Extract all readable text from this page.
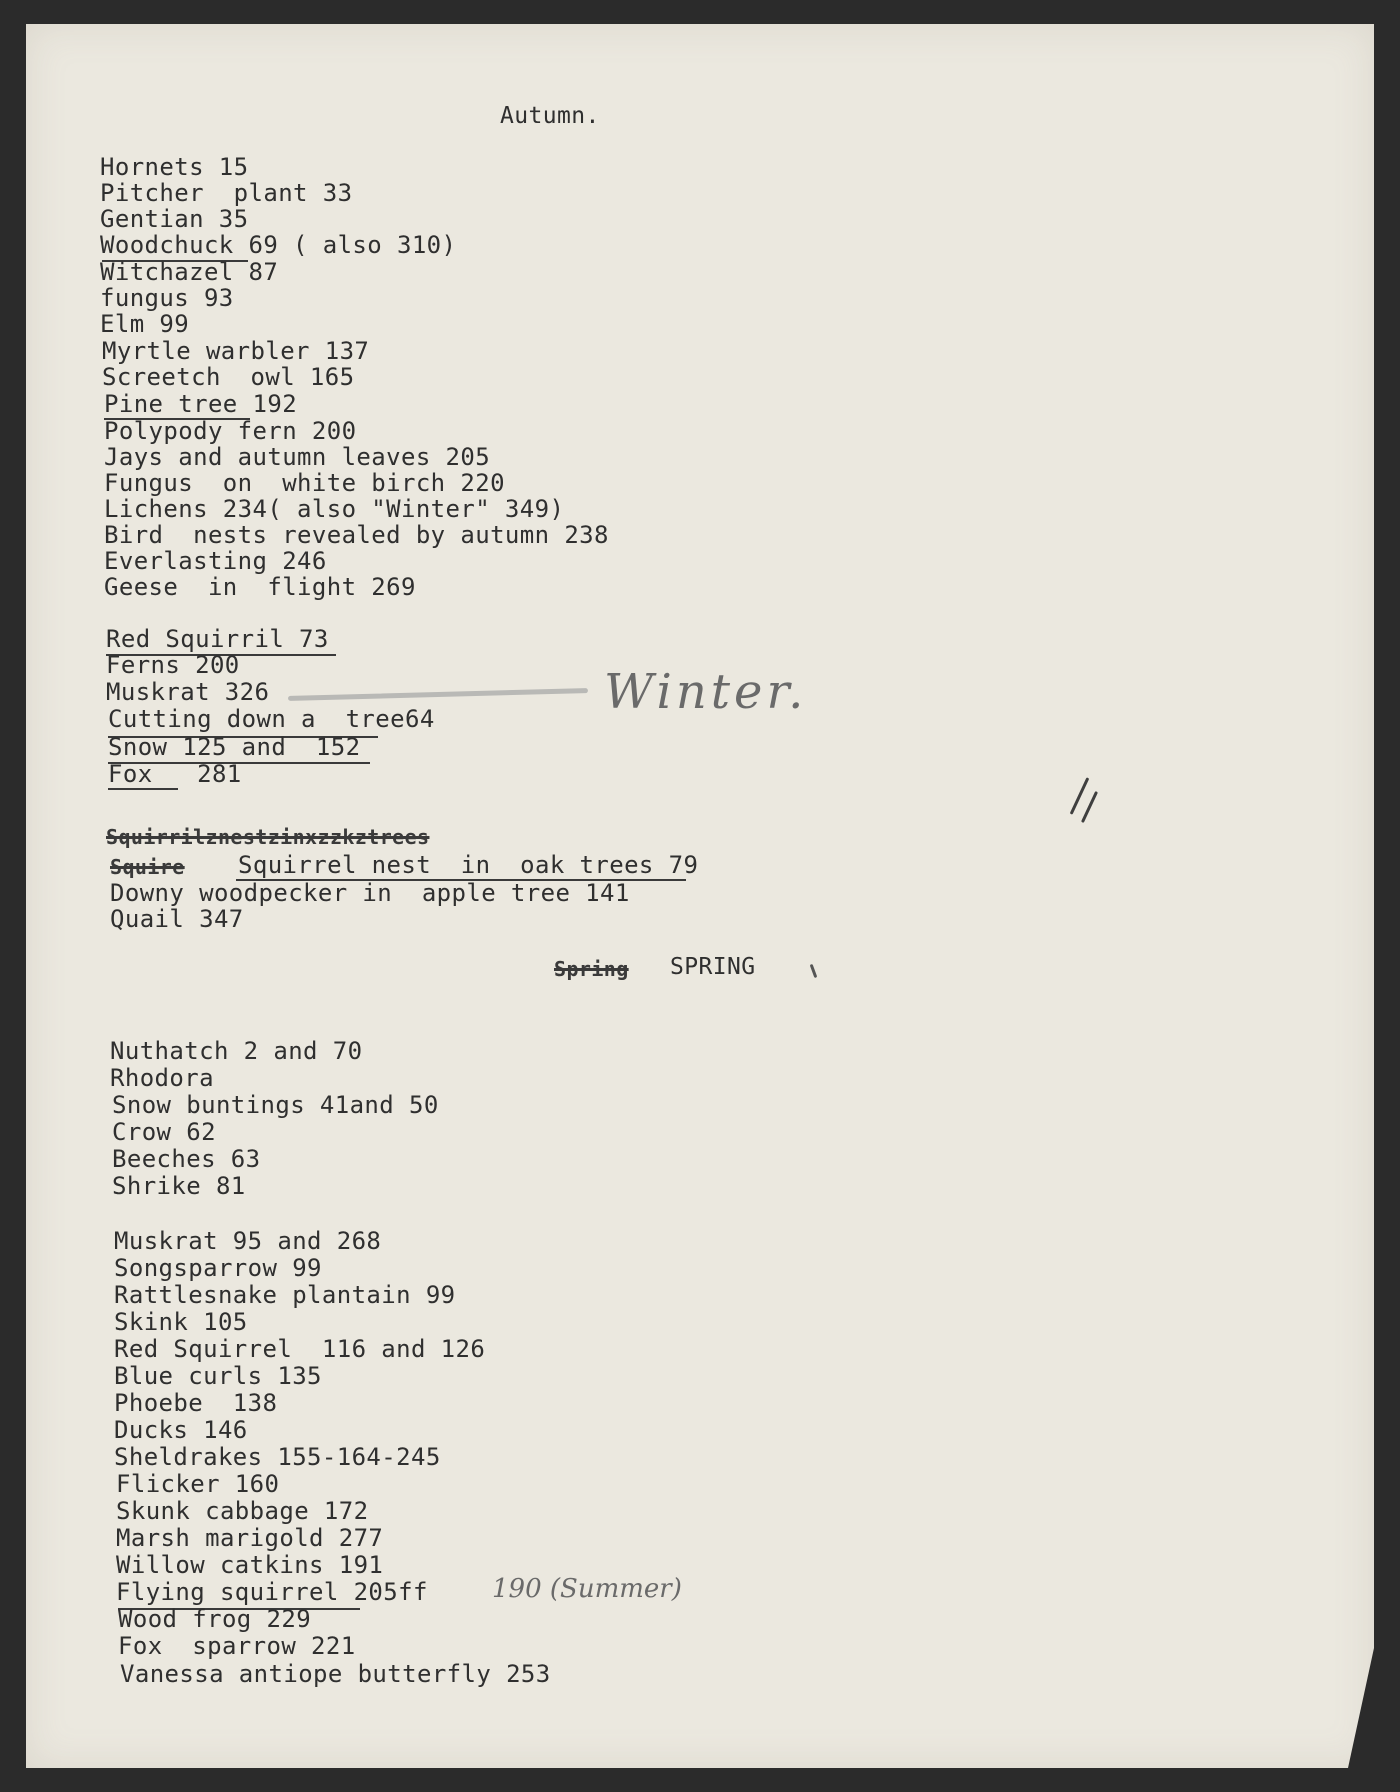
Autumn.
Hornets 15
Pitcher  plant 33
Gentian 35
Woodchuck 69 ( also 310)
Witchazel 87
fungus 93
Elm 99
Myrtle warbler 137
Screetch  owl 165
Pine tree 192
Polypody fern 200
Jays and autumn leaves 205
Fungus  on  white birch 220
Lichens 234( also "Winter" 349)
Bird  nests revealed by autumn 238
Everlasting 246
Geese  in  flight 269
Red Squirril 73
Ferns 200
Muskrat 326	Winter.
Cutting down a  tree64
Snow 125 and  152
Fox   281
Squirrilznestzinxzzkztrees
Squire Squirrel nest  in  oak trees 79
Downy woodpecker in  apple tree 141
Quail 347
Spring SPRING
Nuthatch 2 and 70
Rhodora
Snow buntings 41and 50
Crow 62
Beeches 63
Shrike 81
Muskrat 95 and 268
Songsparrow 99
Rattlesnake plantain 99
Skink 105
Red Squirrel  116 and 126
Blue curls 135
Phoebe  138
Ducks 146
Sheldrakes 155-164-245
Flicker 160
Skunk cabbage 172
Marsh marigold 277
Willow catkins 191
Flying squirrel 205ff 190 (Summer)
Wood frog 229
Fox  sparrow 221
Vanessa antiope butterfly 253
